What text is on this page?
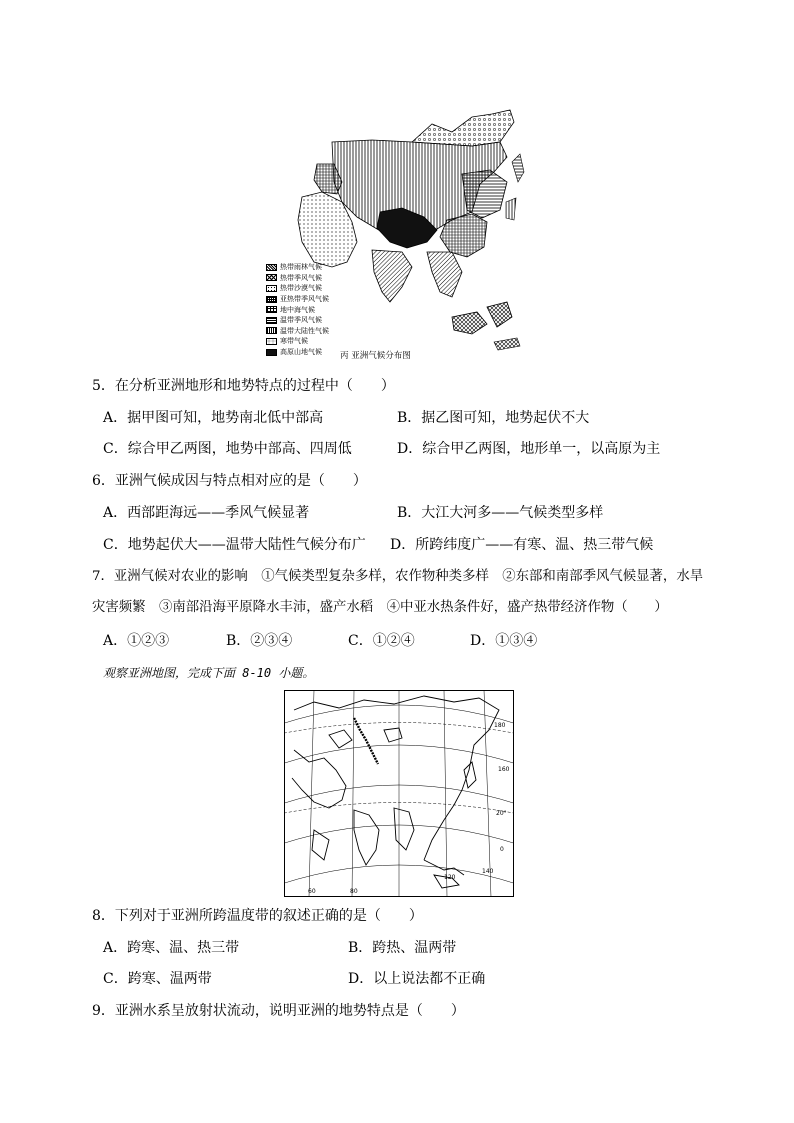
热带雨林气候
热带季风气候
热带沙漠气候
亚热带季风气候
地中海气候
温带季风气候
温带大陆性气候
寒带气候
高原山地气候 丙 亚洲气候分布图
5．在分析亚洲地形和地势特点的过程中（　　）
A．据甲图可知，地势南北低中部高	B．据乙图可知，地势起伏不大
C．综合甲乙两图，地势中部高、四周低	D．综合甲乙两图，地形单一，以高原为主
6．亚洲气候成因与特点相对应的是（　　）
A．西部距海远——季风气候显著	B．大江大河多——气候类型多样
C．地势起伏大——温带大陆性气候分布广 D．所跨纬度广——有寒、温、热三带气候
7．亚洲气候对农业的影响　①气候类型复杂多样，农作物种类多样　②东部和南部季风气候显著，水旱
灾害频繁　③南部沿海平原降水丰沛，盛产水稻　④中亚水热条件好，盛产热带经济作物（　　）
A．①②③	B．②③④	C．①②④	D．①③④
观察亚洲地图，完成下面 8-10 小题。
180
160
20°
60	80
120
140
0
8．下列对于亚洲所跨温度带的叙述正确的是（　　）
A．跨寒、温、热三带	B．跨热、温两带
C．跨寒、温两带	D．以上说法都不正确
9．亚洲水系呈放射状流动，说明亚洲的地势特点是（　　）
